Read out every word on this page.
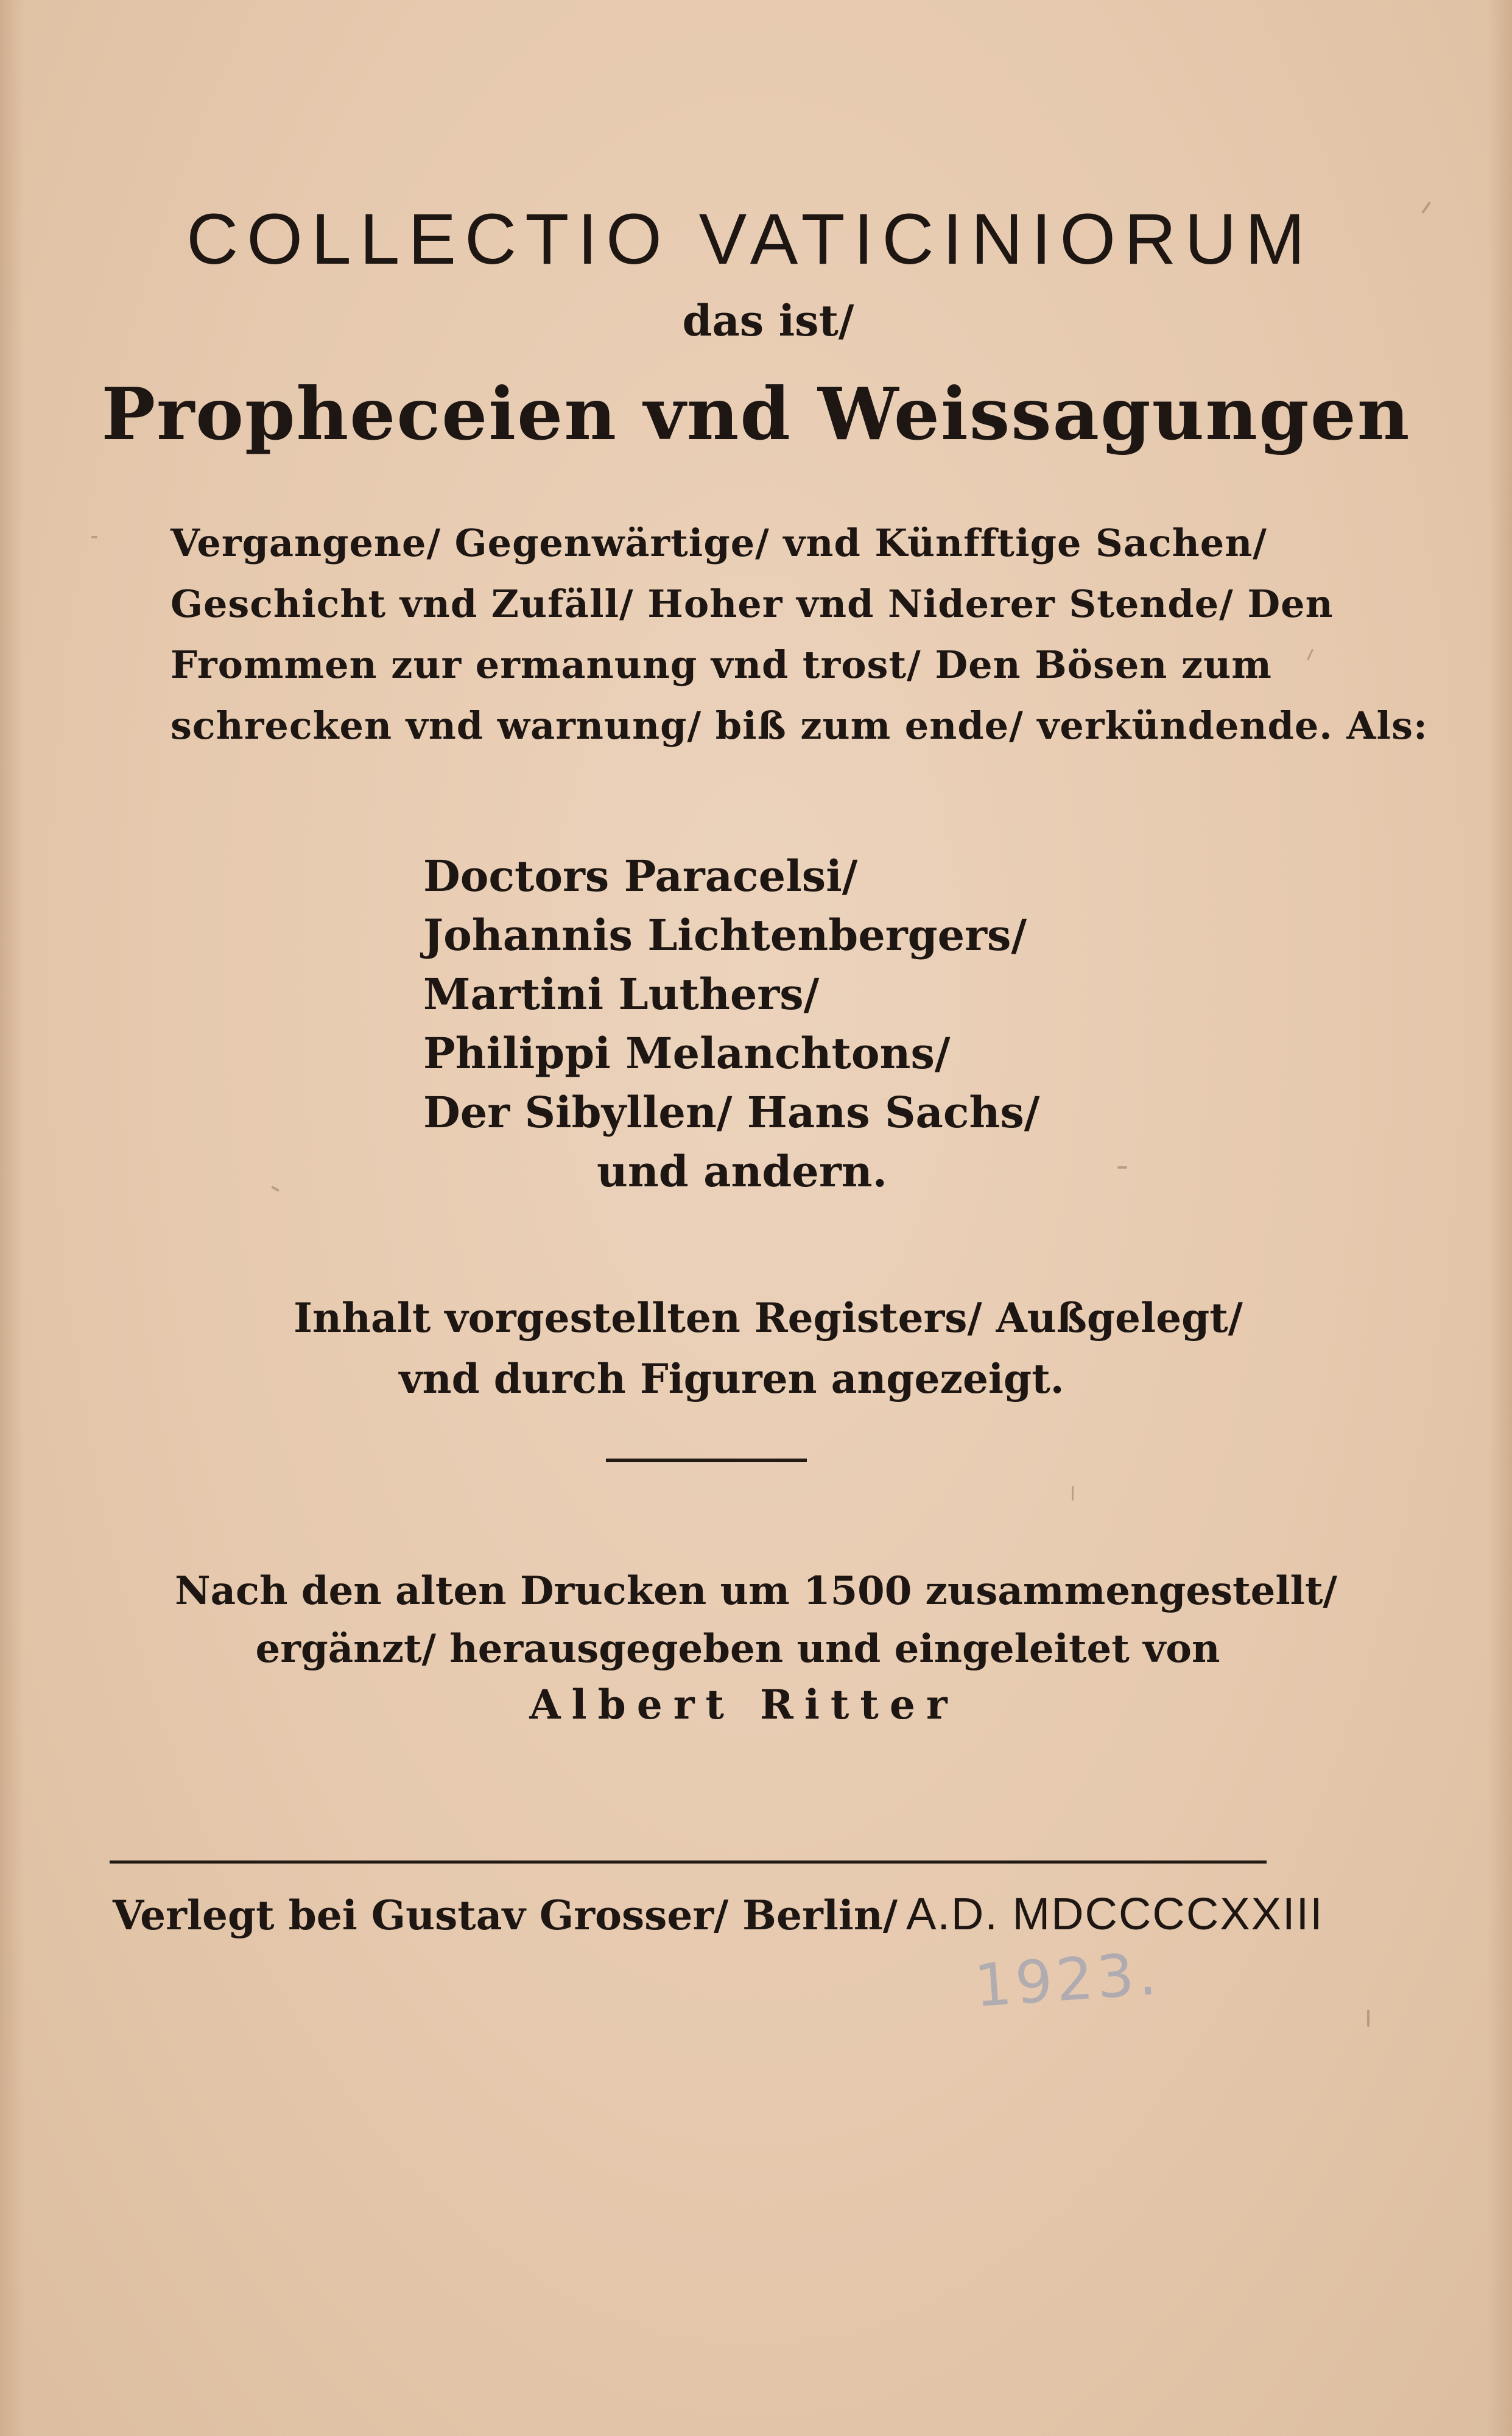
COLLECTIO VATICINIORUM

das ist/

Propheceien vnd Weissagungen

Vergangene/ Gegenwärtige/ vnd Künfftige Sachen/

Geschicht vnd Zufäll/ Hoher vnd Niderer Stende/ Den

Frommen zur ermanung vnd trost/ Den Bösen zum

schrecken vnd warnung/ biß zum ende/ verkündende. Als:

Doctors Paracelsi/
Johannis Lichtenbergers/
Martini Luthers/
Philippi Melanchtons/
Der Sibyllen/ Hans Sachs/
und andern.

Inhalt vorgestellten Registers/ Außgelegt/

vnd durch Figuren angezeigt.

Nach den alten Drucken um 1500 zusammengestellt/

ergänzt/ herausgegeben und eingeleitet von

Albert Ritter

Verlegt bei Gustav Grosser/ Berlin/ A.D. MDCCCCXXIII

1923.
